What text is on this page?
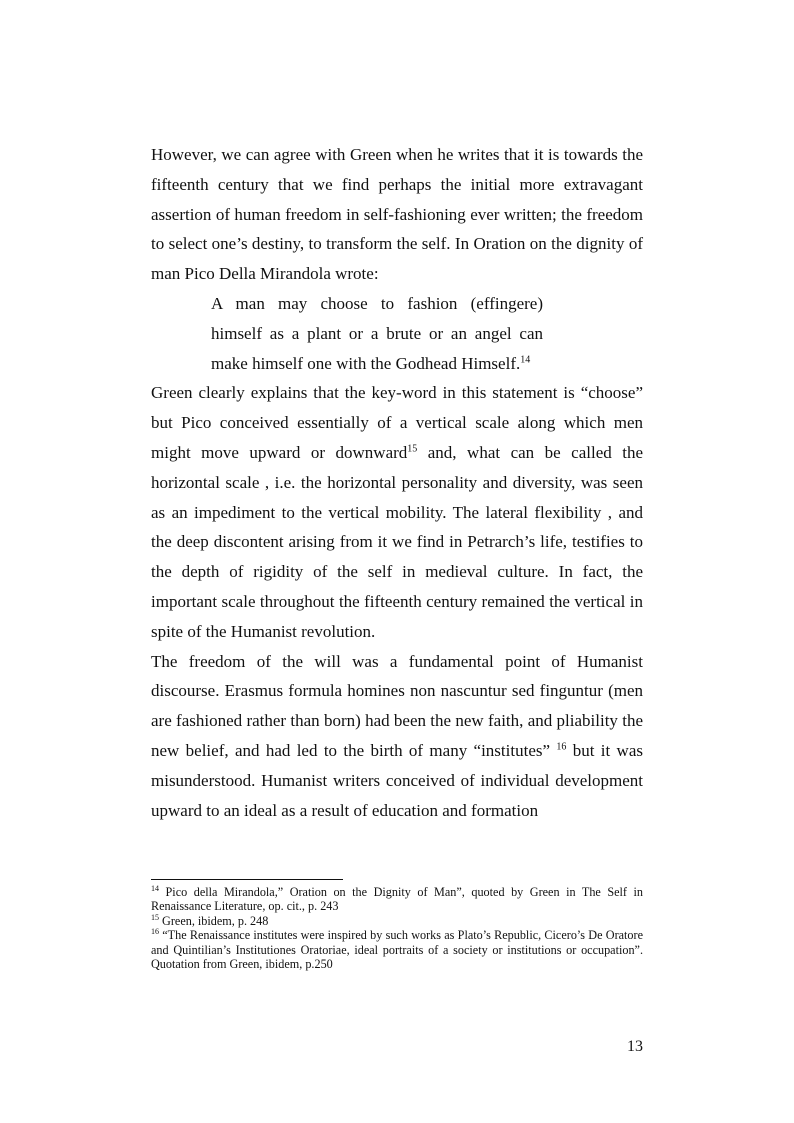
However, we can agree with Green when he writes that it is towards the fifteenth century that we find perhaps the initial more extravagant assertion of human freedom in self-fashioning ever written; the freedom to select one’s destiny, to transform the self. In Oration on the dignity of man Pico Della Mirandola wrote:

A man may choose to fashion (effingere)
himself as a plant or a brute or an angel can
make himself one with the Godhead Himself.$^{14}$

Green clearly explains that the key-word in this statement is “choose” but Pico conceived essentially of a vertical scale along which men might move upward or downward$^{15}$ and, what can be called the horizontal scale , i.e. the horizontal personality and diversity, was seen as an impediment to the vertical mobility. The lateral flexibility , and the deep discontent arising from it we find in Petrarch’s life, testifies to the depth of rigidity of the self in medieval culture. In fact, the important scale throughout the fifteenth century remained the vertical in spite of the Humanist revolution.

The freedom of the will was a fundamental point of Humanist discourse. Erasmus formula homines non nascuntur sed finguntur (men are fashioned rather than born) had been the new faith, and pliability the new belief, and had led to the birth of many “institutes” $^{16}$ but it was misunderstood. Humanist writers conceived of individual development upward to an ideal as a result of education and formation

$^{14}$ Pico della Mirandola,” Oration on the Dignity of Man”, quoted by Green in The Self in Renaissance Literature, op. cit., p. 243

$^{15}$ Green, ibidem, p. 248

$^{16}$ “The Renaissance institutes were inspired by such works as Plato’s Republic, Cicero’s De Oratore and Quintilian’s Institutiones Oratoriae, ideal portraits of a society or institutions or occupation”. Quotation from Green, ibidem, p.250

13
